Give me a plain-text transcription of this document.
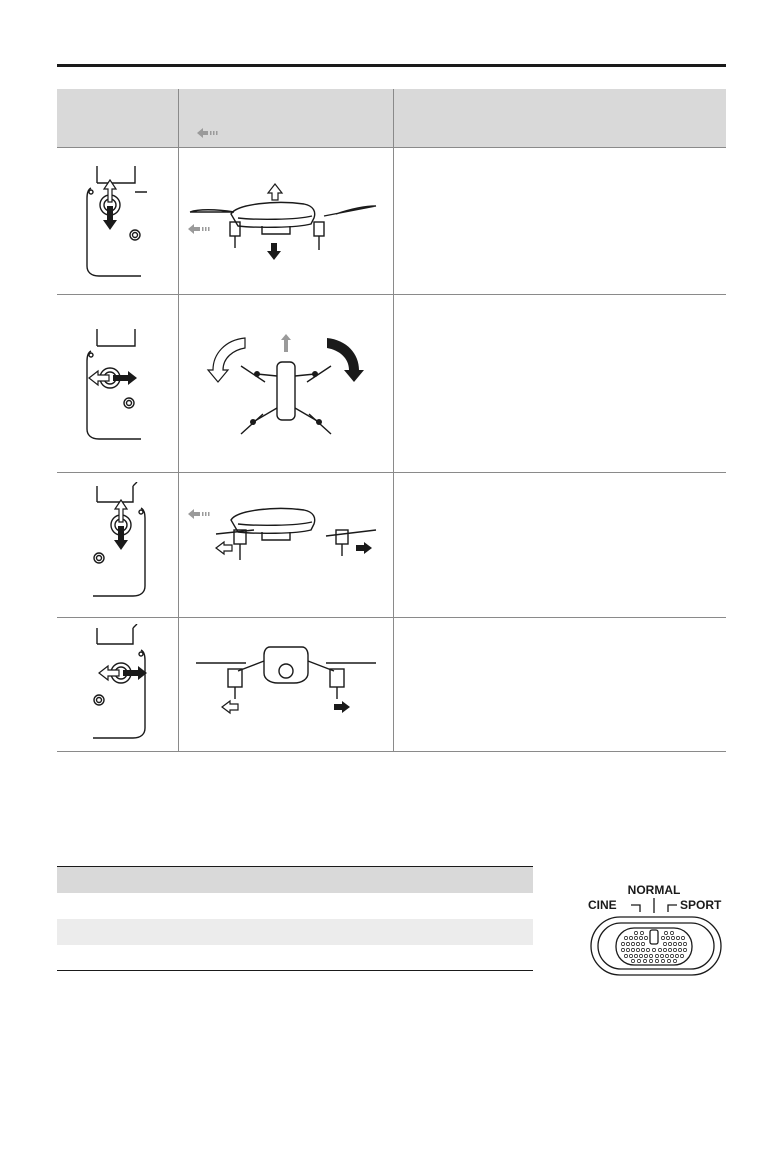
NORMAL
CINE	SPORT
